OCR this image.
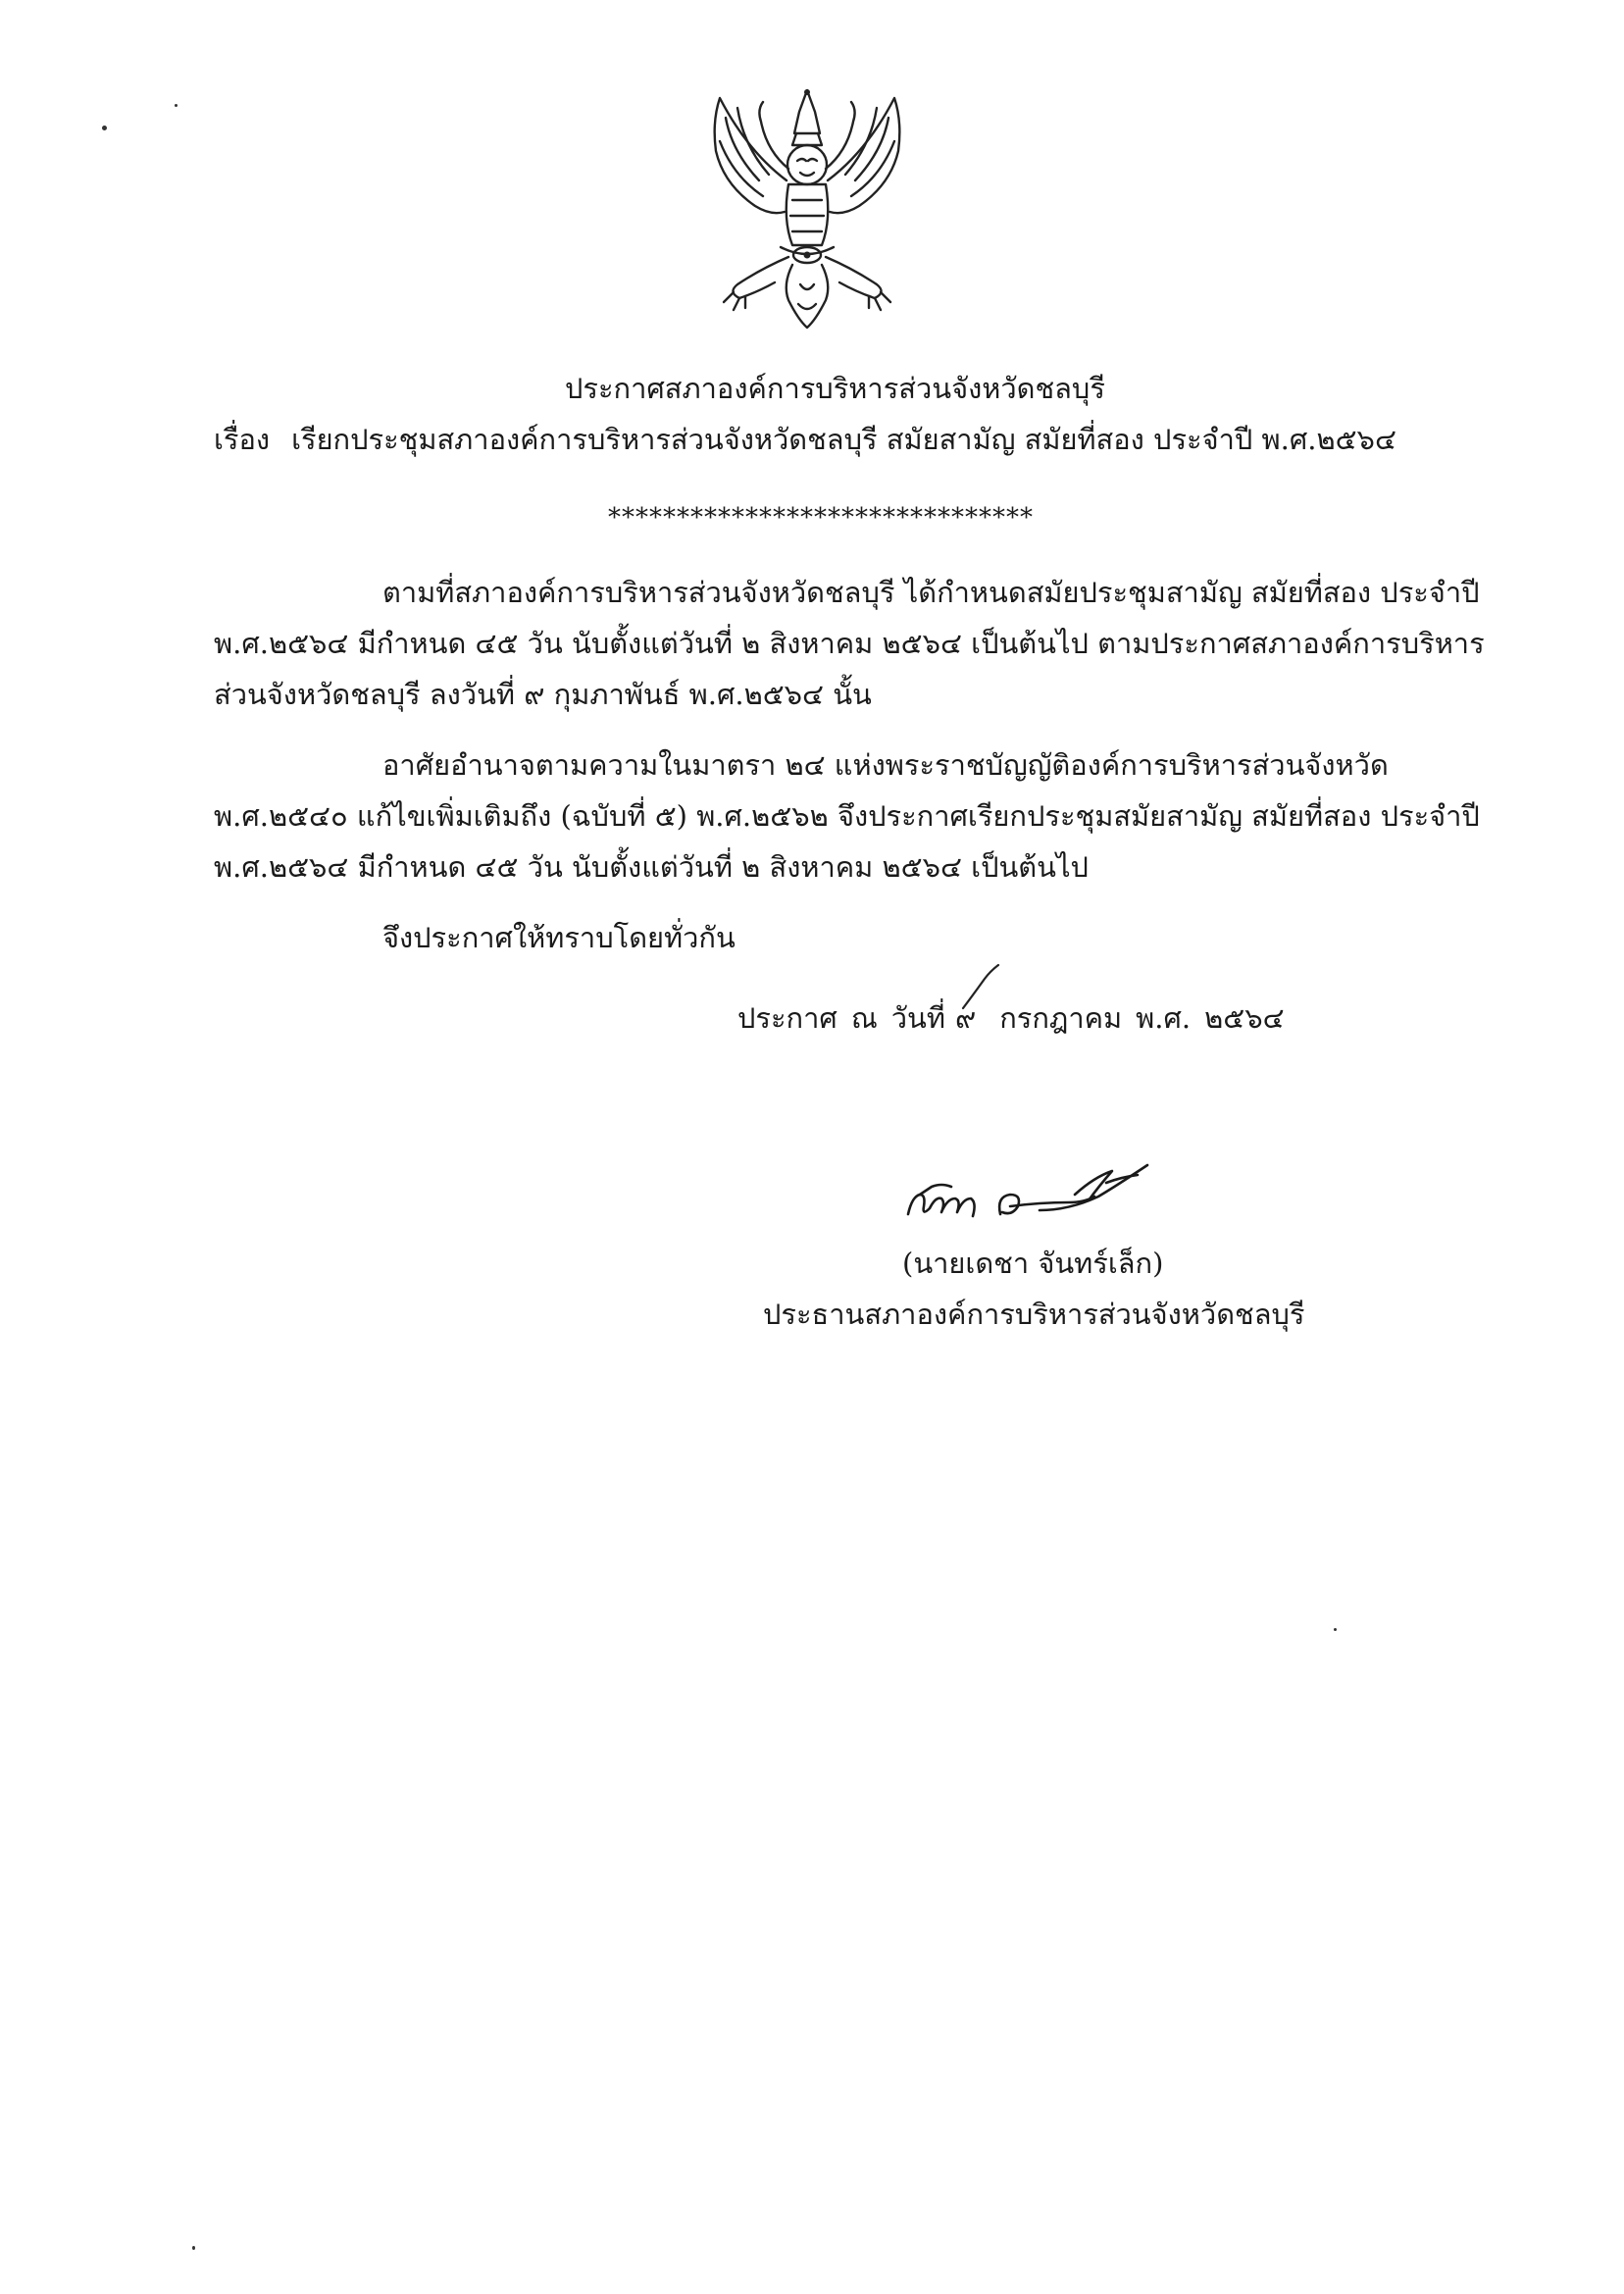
ประกาศสภาองค์การบริหารส่วนจังหวัดชลบุรี
เรื่อง เรียกประชุมสภาองค์การบริหารส่วนจังหวัดชลบุรี สมัยสามัญ สมัยที่สอง ประจำปี พ.ศ.๒๕๖๔
*******************************
ตามที่สภาองค์การบริหารส่วนจังหวัดชลบุรี ได้กำหนดสมัยประชุมสามัญ สมัยที่สอง ประจำปี
พ.ศ.๒๕๖๔ มีกำหนด ๔๕ วัน นับตั้งแต่วันที่ ๒ สิงหาคม ๒๕๖๔ เป็นต้นไป ตามประกาศสภาองค์การบริหาร
ส่วนจังหวัดชลบุรี ลงวันที่ ๙ กุมภาพันธ์ พ.ศ.๒๕๖๔ นั้น
อาศัยอำนาจตามความในมาตรา ๒๔ แห่งพระราชบัญญัติองค์การบริหารส่วนจังหวัด
พ.ศ.๒๕๔๐ แก้ไขเพิ่มเติมถึง (ฉบับที่ ๕) พ.ศ.๒๕๖๒ จึงประกาศเรียกประชุมสมัยสามัญ สมัยที่สอง ประจำปี
พ.ศ.๒๕๖๔ มีกำหนด ๔๕ วัน นับตั้งแต่วันที่ ๒ สิงหาคม ๒๕๖๔ เป็นต้นไป
จึงประกาศให้ทราบโดยทั่วกัน
ประกาศ ณ วันที่ ๙ กรกฎาคม พ.ศ. ๒๕๖๔
(นายเดชา จันทร์เล็ก)
ประธานสภาองค์การบริหารส่วนจังหวัดชลบุรี
